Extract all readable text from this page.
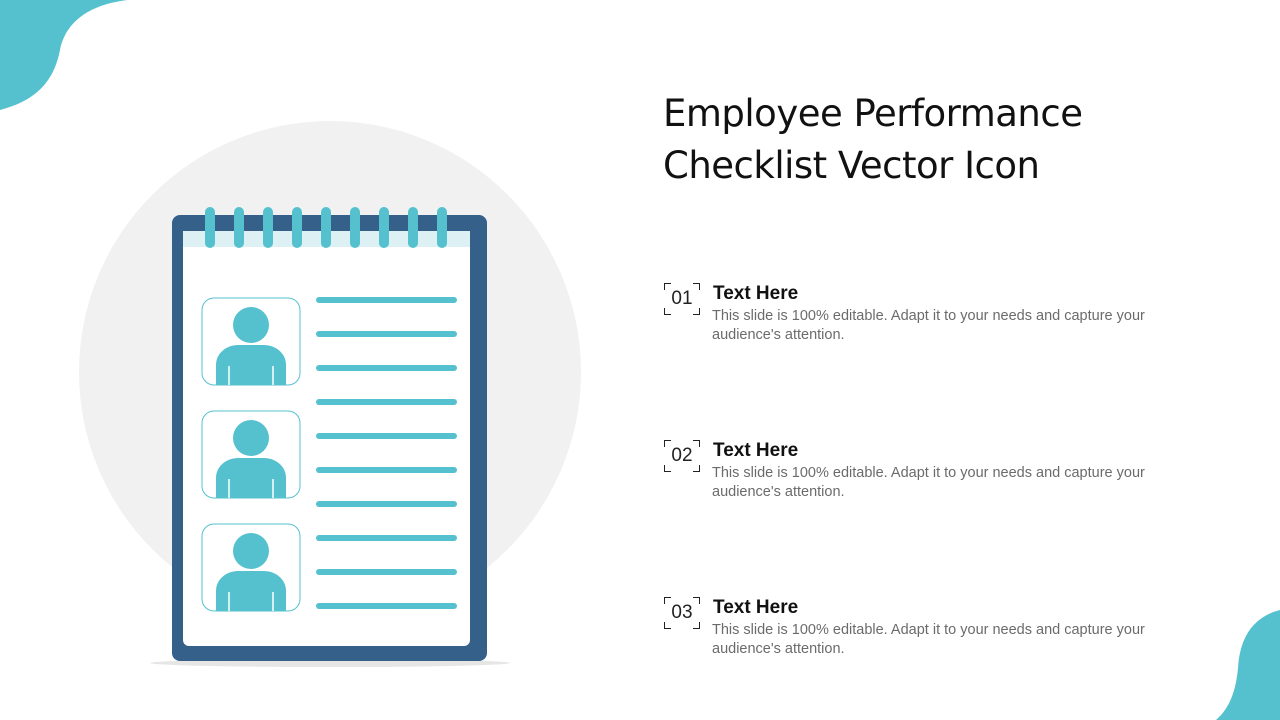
Employee Performance Checklist Vector Icon
01	Text Here
This slide is 100% editable. Adapt it to your needs and capture your audience's attention.
02	Text Here
This slide is 100% editable. Adapt it to your needs and capture your audience's attention.
03	Text Here
This slide is 100% editable. Adapt it to your needs and capture your audience's attention.
